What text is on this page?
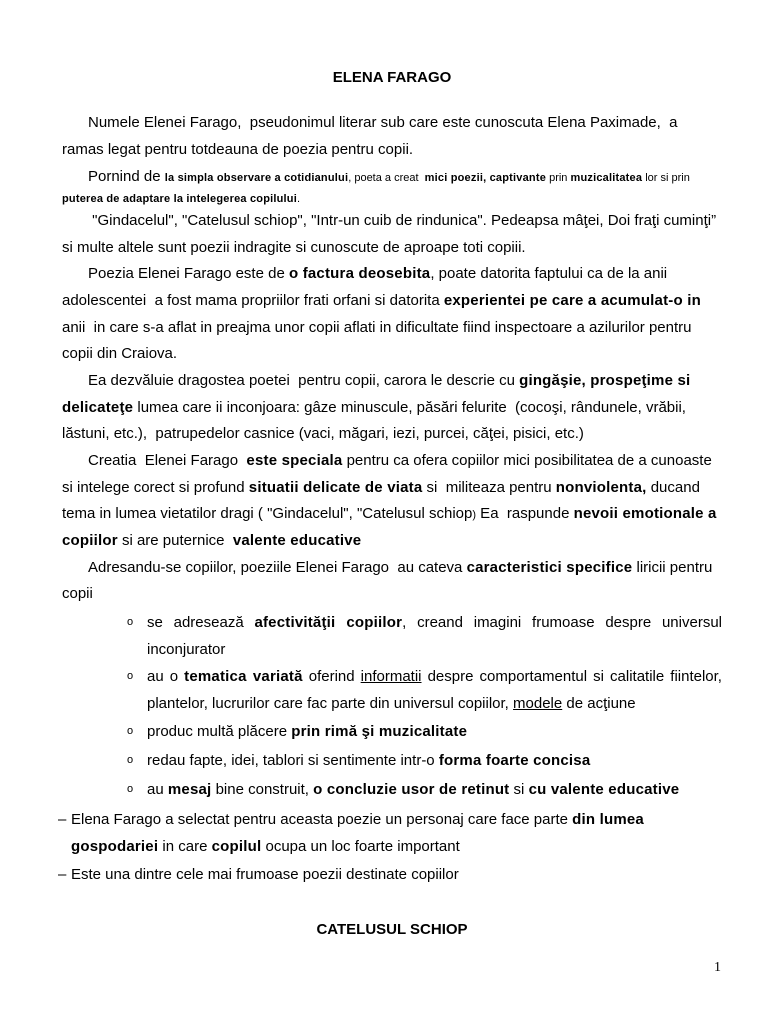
ELENA FARAGO
Numele Elenei Farago,  pseudonimul literar sub care este cunoscuta Elena Paximade,  a
ramas legat pentru totdeauna de poezia pentru copii.
Pornind de la simpla observare a cotidianului, poeta a creat  mici poezii, captivante prin muzicalitatea lor si prin
puterea de adaptare la intelegerea copilului.
"Gindacelul", "Catelusul schiop", "Intr-un cuib de rindunica". Pedeapsa mâţei, Doi fraţi cuminţi”
si multe altele sunt poezii indragite si cunoscute de aproape toti copiii.
Poezia Elenei Farago este de o factura deosebita, poate datorita faptului ca de la anii
adolescentei  a fost mama propriilor frati orfani si datorita experientei pe care a acumulat-o in
anii  in care s-a aflat in preajma unor copii aflati in dificultate fiind inspectoare a azilurilor pentru
copii din Craiova.
Ea dezvăluie dragostea poetei  pentru copii, carora le descrie cu gingăşie, prospeţime si
delicateţe lumea care ii inconjoara: gâze minuscule, păsări felurite  (cocoşi, rândunele, vrăbii,
lăstuni, etc.),  patrupedelor casnice (vaci, măgari, iezi, purcei, căţei, pisici, etc.)
Creatia  Elenei Farago  este speciala pentru ca ofera copiilor mici posibilitatea de a cunoaste
si intelege corect si profund situatii delicate de viata si  militeaza pentru nonviolenta, ducand
tema in lumea vietatilor dragi ( "Gindacelul", "Catelusul schiop) Ea  raspunde nevoii emotionale a
copiilor si are puternice  valente educative
Adresandu-se copiilor, poeziile Elenei Farago  au cateva caracteristici specifice liricii pentru
copii
o se adresează afectivităţii copiilor, creand imagini frumoase despre universul
inconjurator
o au o tematica variată oferind informatii despre comportamentul si calitatile fiintelor,
plantelor, lucrurilor care fac parte din universul copiilor, modele de acţiune
o produc multă plăcere prin rimă şi muzicalitate
o redau fapte, idei, tablori si sentimente intr-o forma foarte concisa
o au mesaj bine construit, o concluzie usor de retinut si cu valente educative
– Elena Farago a selectat pentru aceasta poezie un personaj care face parte din lumea
gospodariei in care copilul ocupa un loc foarte important
– Este una dintre cele mai frumoase poezii destinate copiilor
CATELUSUL SCHIOP
1
